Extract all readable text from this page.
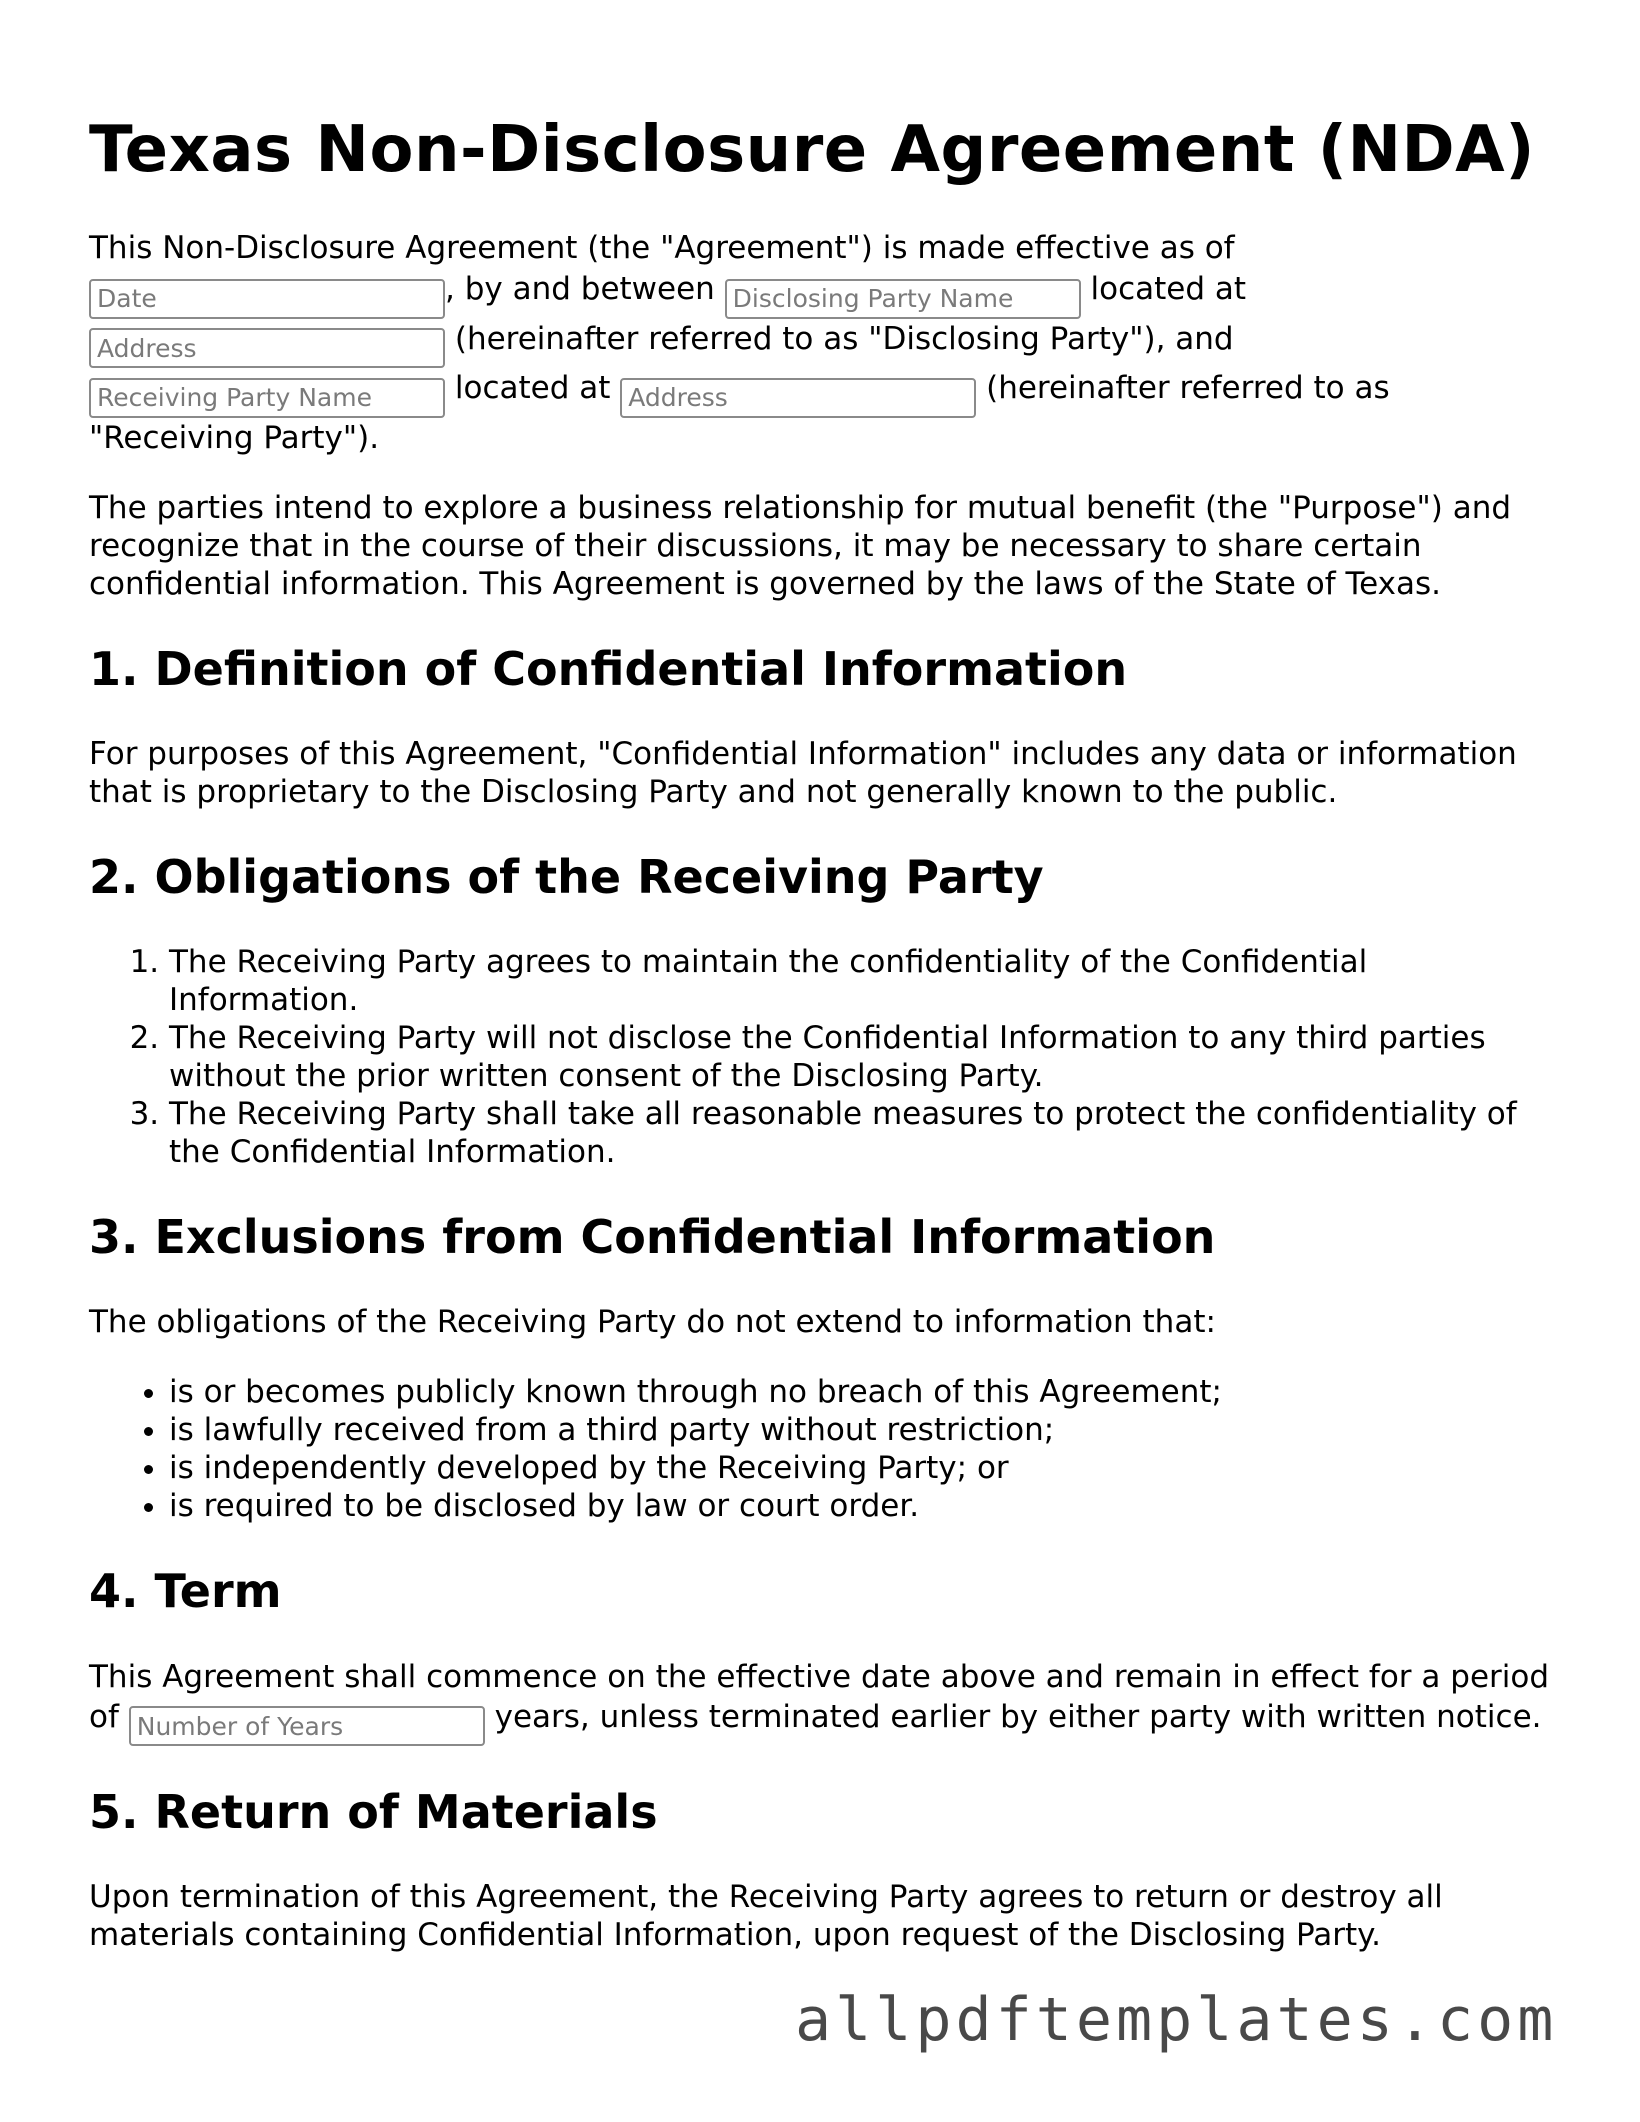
Texas Non-Disclosure Agreement (NDA)

This Non-Disclosure Agreement (the "Agreement") is made effective as of
Date, by and between Disclosing Party Name	located at
Address (hereinafter referred to as "Disclosing Party"), and
Receiving Party Name located at Address	(hereinafter referred to as "Receiving Party").

The parties intend to explore a business relationship for mutual benefit (the "Purpose") and recognize that in the course of their discussions, it may be necessary to share certain confidential information. This Agreement is governed by the laws of the State of Texas.

1. Definition of Confidential Information

For purposes of this Agreement, "Confidential Information" includes any data or information that is proprietary to the Disclosing Party and not generally known to the public.

2. Obligations of the Receiving Party
1. The Receiving Party agrees to maintain the confidentiality of the Confidential Information.
2. The Receiving Party will not disclose the Confidential Information to any third parties without the prior written consent of the Disclosing Party.
3. The Receiving Party shall take all reasonable measures to protect the confidentiality of the Confidential Information.
3. Exclusions from Confidential Information

The obligations of the Receiving Party do not extend to information that:

• is or becomes publicly known through no breach of this Agreement;
• is lawfully received from a third party without restriction;
• is independently developed by the Receiving Party; or
• is required to be disclosed by law or court order.
4. Term

This Agreement shall commence on the effective date above and remain in effect for a period of Number of Years	years, unless terminated earlier by either party with written notice.

5. Return of Materials

Upon termination of this Agreement, the Receiving Party agrees to return or destroy all materials containing Confidential Information, upon request of the Disclosing Party.

allpdftemplates.com
